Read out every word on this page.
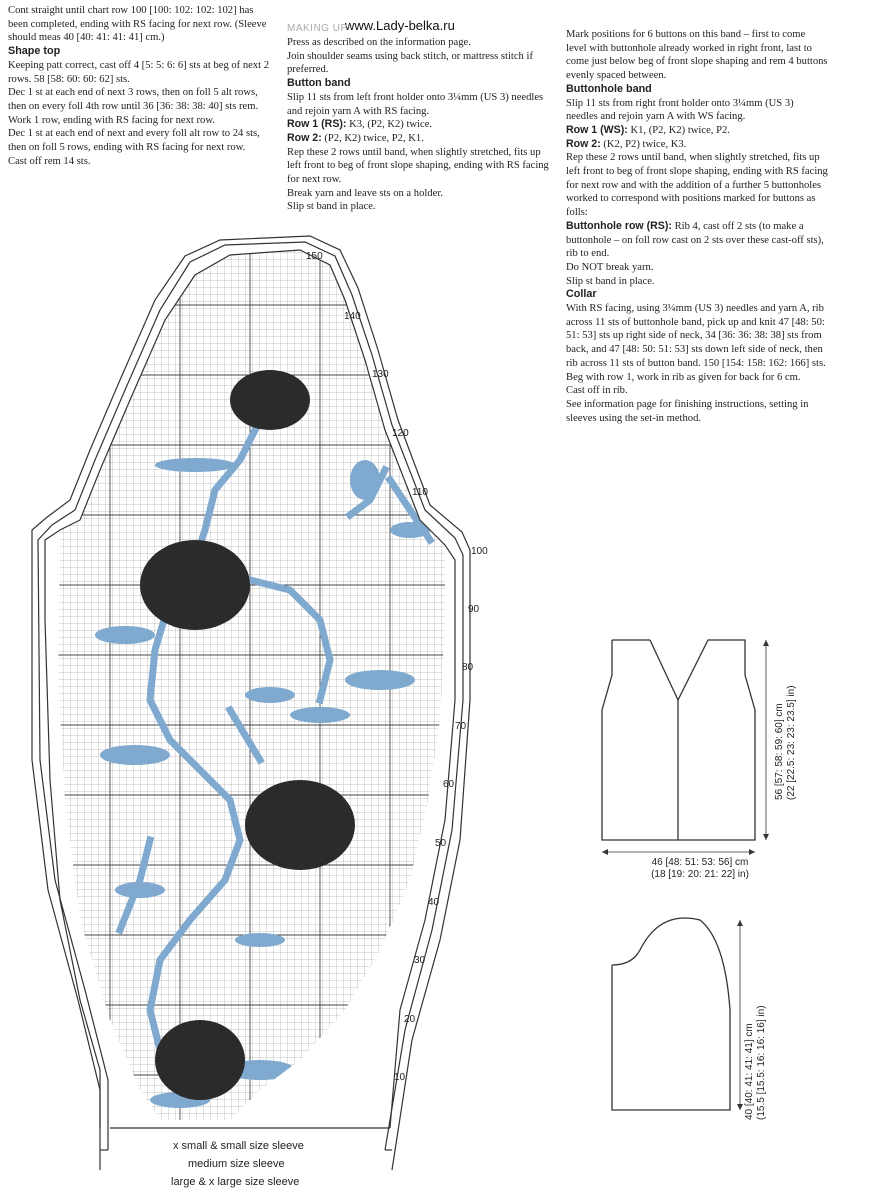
www.Lady-belka.ru

Cont straight until chart row 100 [100: 102: 102: 102] has been completed, ending with RS facing for next row. (Sleeve should meas 40 [40: 41: 41: 41] cm.)

Shape top

Keeping patt correct, cast off 4 [5: 5: 6: 6] sts at beg of next 2 rows. 58 [58: 60: 60: 62] sts.

Dec 1 st at each end of next 3 rows, then on foll 5 alt rows, then on every foll 4th row until 36 [36: 38: 38: 40] sts rem.

Work 1 row, ending with RS facing for next row.

Dec 1 st at each end of next and every foll alt row to 24 sts, then on foll 5 rows, ending with RS facing for next row.

Cast off rem 14 sts.

MAKING UP

Press as described on the information page.

Join shoulder seams using back stitch, or mattress stitch if preferred.

Button band

Slip 11 sts from left front holder onto 3¼mm (US 3) needles and rejoin yarn A with RS facing.

Row 1 (RS): K3, (P2, K2) twice.

Row 2: (P2, K2) twice, P2, K1.

Rep these 2 rows until band, when slightly stretched, fits up left front to beg of front slope shaping, ending with RS facing for next row.

Break yarn and leave sts on a holder.

Slip st band in place.

Mark positions for 6 buttons on this band – first to come level with buttonhole already worked in right front, last to come just below beg of front slope shaping and rem 4 buttons evenly spaced between.

Buttonhole band

Slip 11 sts from right front holder onto 3¼mm (US 3) needles and rejoin yarn A with WS facing.

Row 1 (WS): K1, (P2, K2) twice, P2.

Row 2: (K2, P2) twice, K3.

Rep these 2 rows until band, when slightly stretched, fits up left front to beg of front slope shaping, ending with RS facing for next row and with the addition of a further 5 buttonholes worked to correspond with positions marked for buttons as folls:

Buttonhole row (RS): Rib 4, cast off 2 sts (to make a buttonhole – on foll row cast on 2 sts over these cast-off sts), rib to end.

Do NOT break yarn.

Slip st band in place.

Collar

With RS facing, using 3¼mm (US 3) needles and yarn A, rib across 11 sts of buttonhole band, pick up and knit 47 [48: 50: 51: 53] sts up right side of neck, 34 [36: 36: 38: 38] sts from back, and 47 [48: 50: 51: 53] sts down left side of neck, then rib across 11 sts of button band. 150 [154: 158: 162: 166] sts.

Beg with row 1, work in rib as given for back for 6 cm.

Cast off in rib.

See information page for finishing instructions, setting in sleeves using the set-in method.

150
140
130
120
110
100
90
80
70
60
50
40
30
20
10
x small & small size sleeve
medium size sleeve
large & x large size sleeve
46 [48: 51: 53: 56] cm
(18 [19: 20: 21: 22] in)
56 [57: 58: 59: 60] cm (22 [22.5: 23: 23: 23.5] in)
40 [40: 41: 41: 41] cm (15.5 [15.5: 16: 16: 16] in)
